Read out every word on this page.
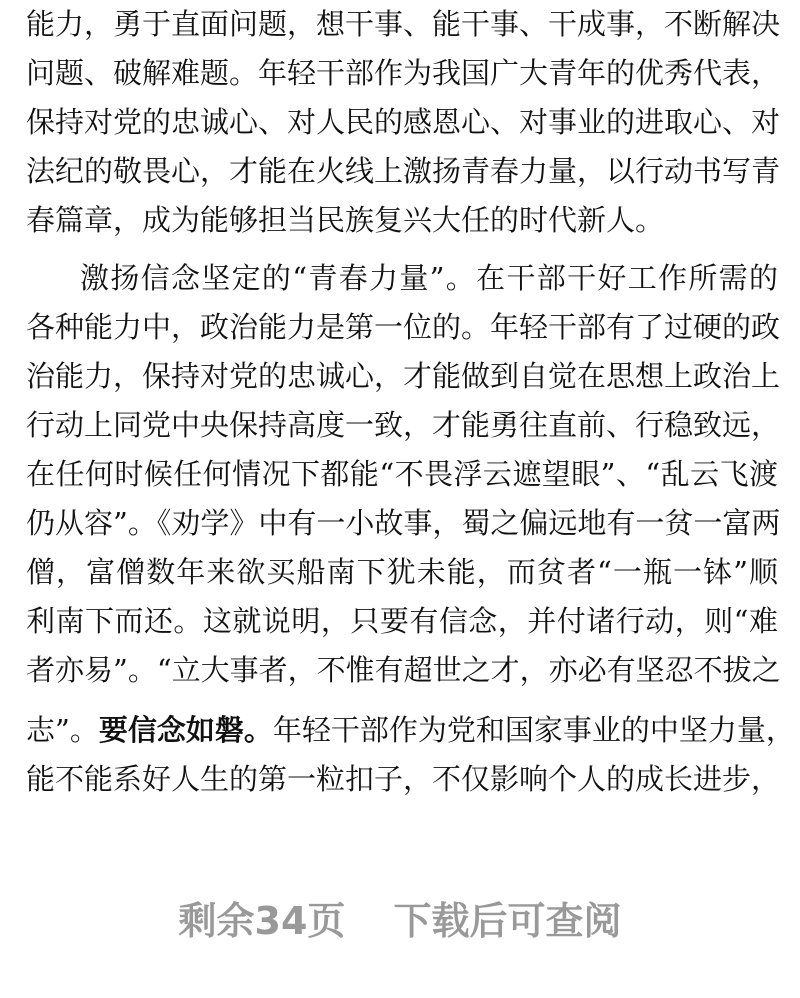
能力，勇于直面问题，想干事、能干事、干成事，不断解决
问题、破解难题。年轻干部作为我国广大青年的优秀代表，
保持对党的忠诚心、对人民的感恩心、对事业的进取心、对
法纪的敬畏心，才能在火线上激扬青春力量，以行动书写青
春篇章，成为能够担当民族复兴大任的时代新人。
激扬信念坚定的“青春力量”。在干部干好工作所需的
各种能力中，政治能力是第一位的。年轻干部有了过硬的政
治能力，保持对党的忠诚心，才能做到自觉在思想上政治上
行动上同党中央保持高度一致，才能勇往直前、行稳致远，
在任何时候任何情况下都能“不畏浮云遮望眼”、“乱云飞渡
仍从容”。《劝学》中有一小故事，蜀之偏远地有一贫一富两
僧，富僧数年来欲买船南下犹未能，而贫者“一瓶一钵”顺
利南下而还。这就说明，只要有信念，并付诸行动，则“难
者亦易”。“立大事者，不惟有超世之才，亦必有坚忍不拔之
志”。要信念如磐。年轻干部作为党和国家事业的中坚力量，
能不能系好人生的第一粒扣子，不仅影响个人的成长进步，
剩余34页 下载后可查阅
